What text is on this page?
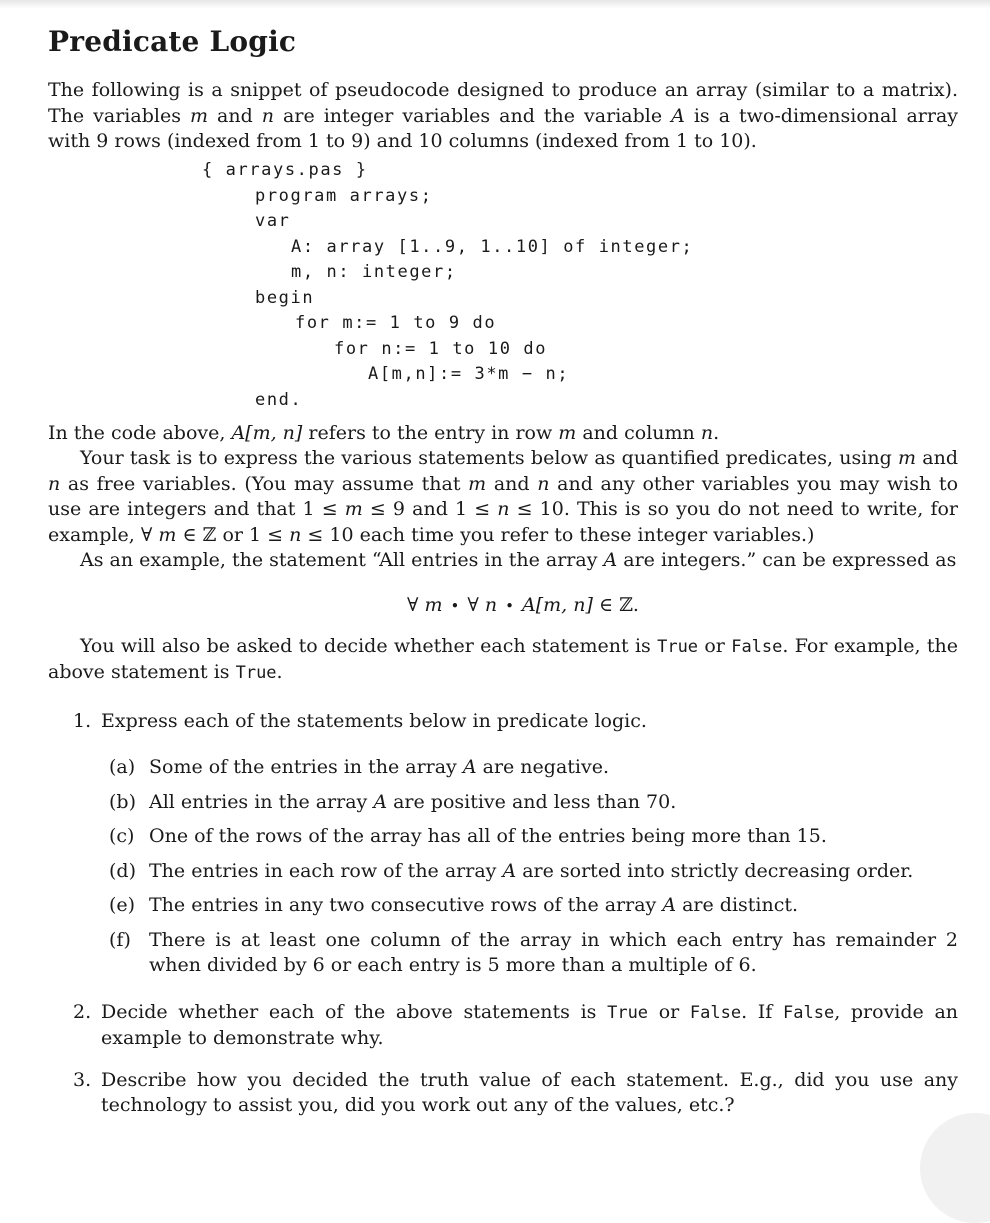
Predicate Logic

The following is a snippet of pseudocode designed to produce an array (similar to a matrix). The variables m and n are integer variables and the variable A is a two-dimensional array with 9 rows (indexed from 1 to 9) and 10 columns (indexed from 1 to 10).

{ arrays.pas }
program arrays;
var
A: array [1..9, 1..10] of integer;
m, n: integer;
begin
for m:= 1 to 9 do
for n:= 1 to 10 do
A[m,n]:= 3*m − n;
end.

In the code above, A[m, n] refers to the entry in row m and column n.

Your task is to express the various statements below as quantified predicates, using m and n as free variables. (You may assume that m and n and any other variables you may wish to use are integers and that 1 ≤ m ≤ 9 and 1 ≤ n ≤ 10. This is so you do not need to write, for example, ∀ m ∈ ℤ or 1 ≤ n ≤ 10 each time you refer to these integer variables.)

As an example, the statement “All entries in the array A are integers.” can be expressed as

∀ m • ∀ n • A[m, n] ∈ ℤ.

You will also be asked to decide whether each statement is True or False. For example, the above statement is True.

1. Express each of the statements below in predicate logic.
(a) Some of the entries in the array A are negative.
(b) All entries in the array A are positive and less than 70.
(c) One of the rows of the array has all of the entries being more than 15.
(d) The entries in each row of the array A are sorted into strictly decreasing order.
(e) The entries in any two consecutive rows of the array A are distinct.
(f) There is at least one column of the array in which each entry has remainder 2 when divided by 6 or each entry is 5 more than a multiple of 6.
2. Decide whether each of the above statements is True or False. If False, provide an example to demonstrate why.
3. Describe how you decided the truth value of each statement. E.g., did you use any technology to assist you, did you work out any of the values, etc.?
